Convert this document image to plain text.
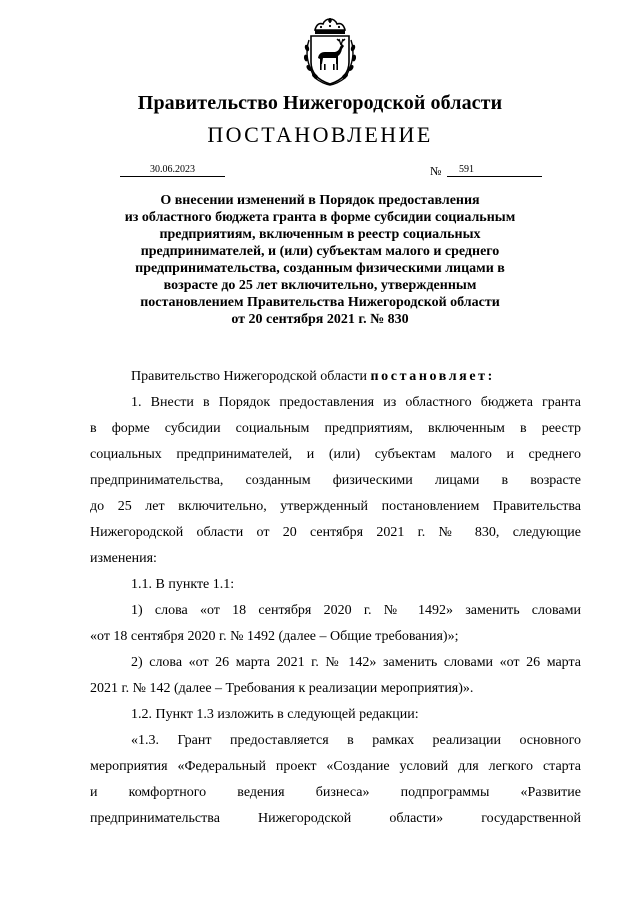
Правительство Нижегородской области
ПОСТАНОВЛЕНИЕ
30.06.2023	№	591
О внесении изменений в Порядок предоставления
из областного бюджета гранта в форме субсидии социальным
предприятиям, включенным в реестр социальных
предпринимателей, и (или) субъектам малого и среднего
предпринимательства, созданным физическими лицами в
возрасте до 25 лет включительно, утвержденным
постановлением Правительства Нижегородской области
от 20 сентября 2021 г. № 830
Правительство Нижегородской области постановляет:
1. Внести в Порядок предоставления из областного бюджета гранта
в форме субсидии социальным предприятиям, включенным в реестр
социальных предпринимателей, и (или) субъектам малого и среднего
предпринимательства, созданным физическими лицами в возрасте
до 25 лет включительно, утвержденный постановлением Правительства
Нижегородской области от 20 сентября 2021 г. № 830, следующие
изменения:
1.1. В пункте 1.1:
1) слова «от 18 сентября 2020 г. № 1492» заменить словами
«от 18 сентября 2020 г. № 1492 (далее – Общие требования)»;
2) слова «от 26 марта 2021 г. № 142» заменить словами «от 26 марта
2021 г. № 142 (далее – Требования к реализации мероприятия)».
1.2. Пункт 1.3 изложить в следующей редакции:
«1.3. Грант предоставляется в рамках реализации основного
мероприятия «Федеральный проект «Создание условий для легкого старта
и комфортного ведения бизнеса» подпрограммы «Развитие
предпринимательства Нижегородской области» государственной
